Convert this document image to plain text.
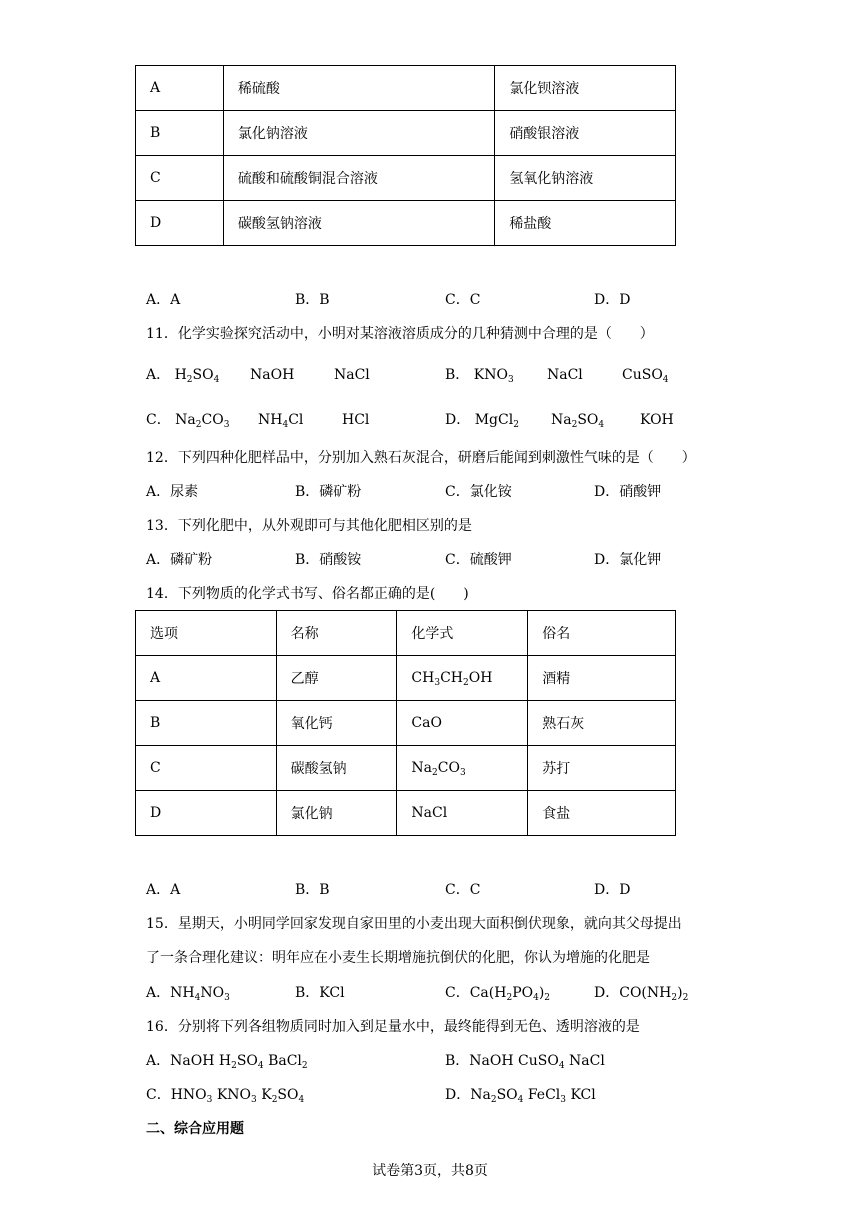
A	稀硫酸	氯化钡溶液
B	氯化钠溶液	硝酸银溶液
C	硫酸和硫酸铜混合溶液	氢氧化钠溶液
D	碳酸氢钠溶液	稀盐酸
A．A	B．B	C．C	D．D
11．化学实验探究活动中，小明对某溶液溶质成分的几种猜测中合理的是（　　）
A． $H_2SO_4$ NaOH	NaCl	B． $KNO_3$ NaCl	CuSO$_4$
C． $Na_2CO_3$ $NH_4Cl$	HCl	D． MgCl$_2$ $Na_2SO_4$	KOH
12．下列四种化肥样品中，分别加入熟石灰混合，研磨后能闻到刺激性气味的是（　　）
A．尿素	B．磷矿粉	C．氯化铵	D．硝酸钾
13．下列化肥中，从外观即可与其他化肥相区别的是
A．磷矿粉	B．硝酸铵	C．硫酸钾	D．氯化钾
14．下列物质的化学式书写、俗名都正确的是(　　)
选项	名称	化学式	俗名
A	乙醇	$CH_3CH_2OH$	酒精
B	氧化钙	CaO	熟石灰
C	碳酸氢钠	$Na_2CO_3$	苏打
D	氯化钠	NaCl	食盐
A．A	B．B	C．C	D．D
15．星期天，小明同学回家发现自家田里的小麦出现大面积倒伏现象，就向其父母提出
了一条合理化建议：明年应在小麦生长期增施抗倒伏的化肥，你认为增施的化肥是
A．$NH_4NO_3$	B．KCl	C．$Ca(H_2PO_4)_2$	D．$CO(NH_2)_2$
16．分别将下列各组物质同时加入到足量水中，最终能得到无色、透明溶液的是
A．NaOH $H_2SO_4$ BaCl$_2$	B．NaOH CuSO$_4$ NaCl
C．$HNO_3$ $KNO_3$ $K_2SO_4$	D．$Na_2SO_4$ FeCl$_3$ KCl
二、综合应用题
试卷第3页，共8页
